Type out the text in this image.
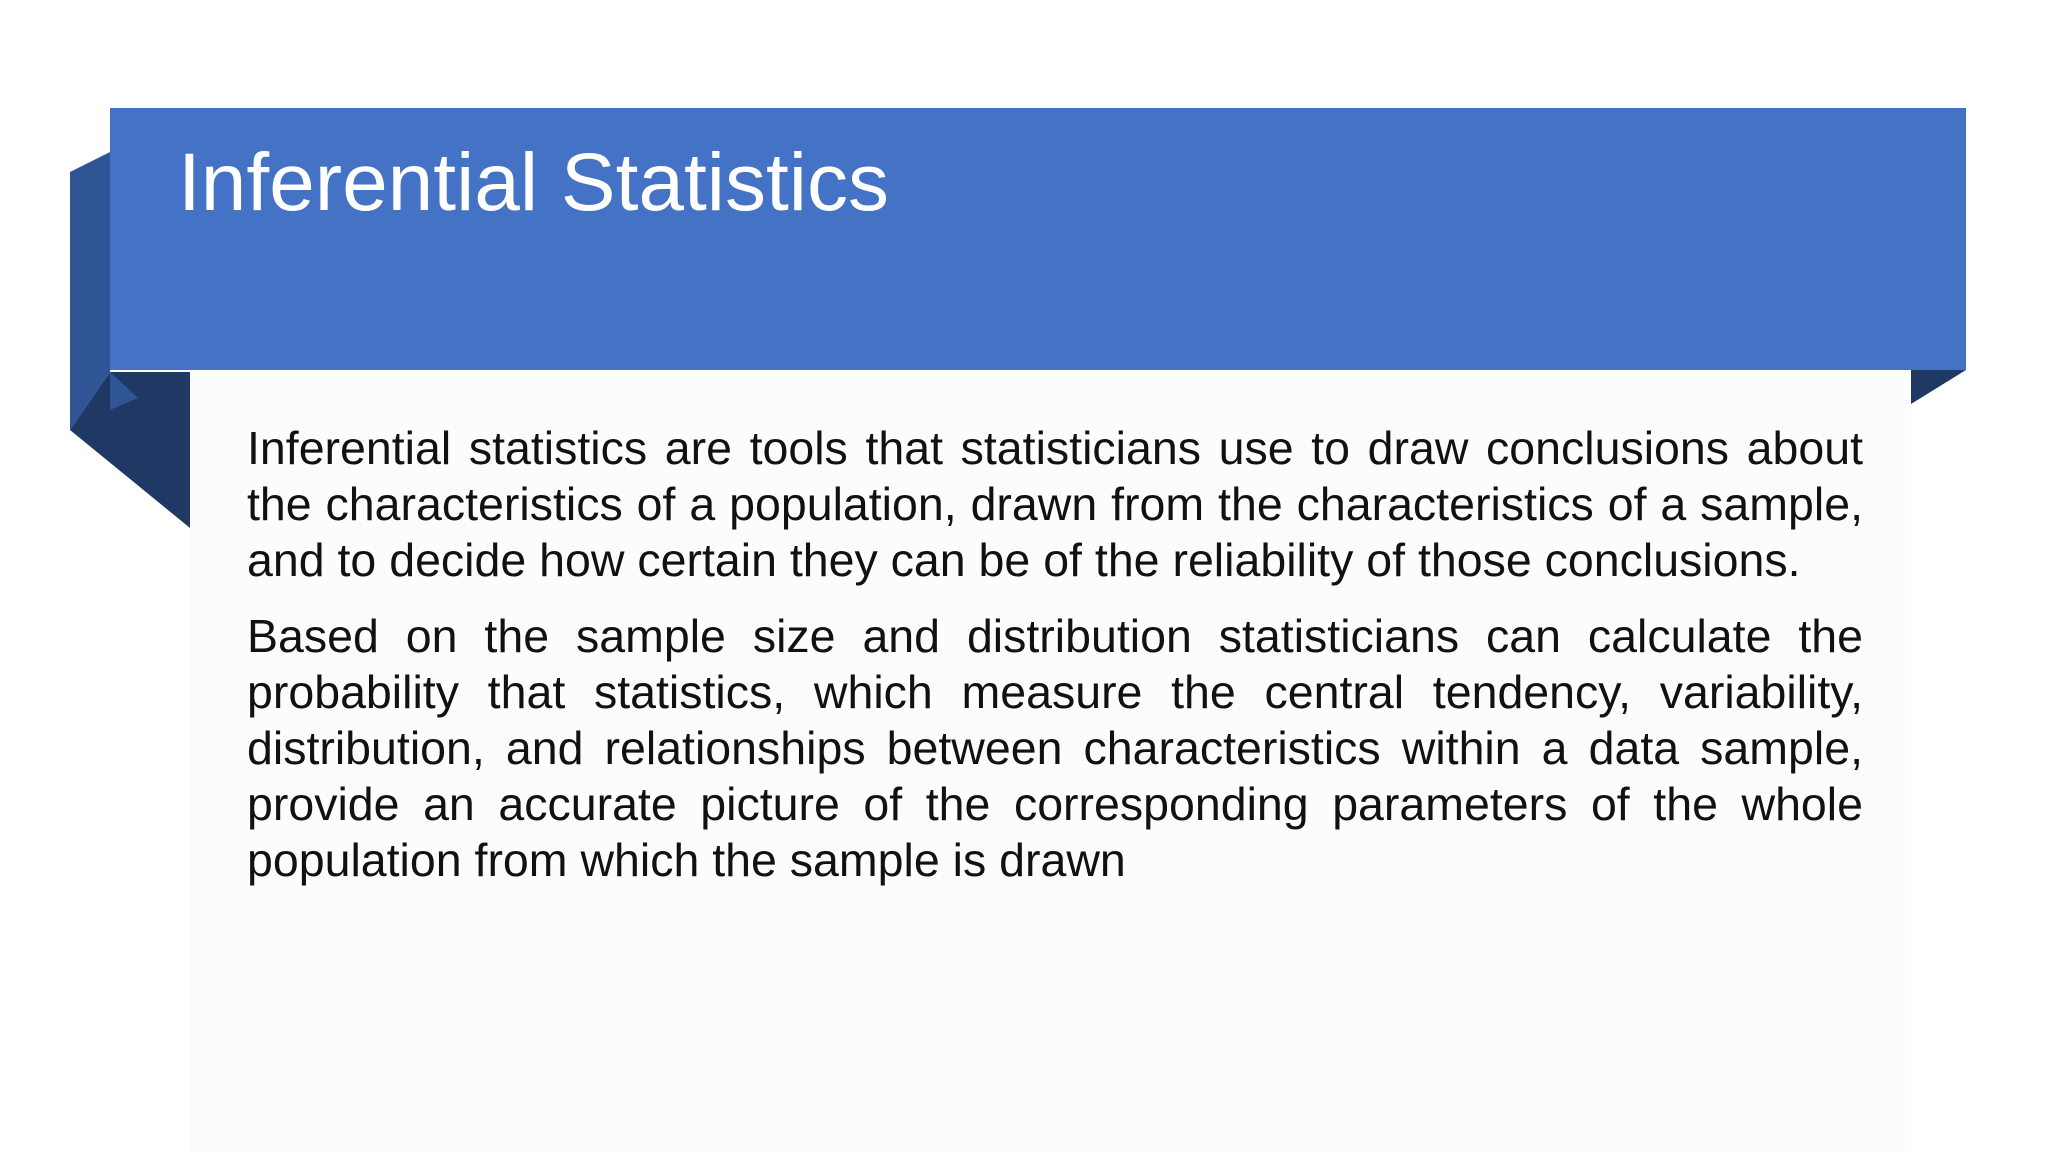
Inferential Statistics

Inferential statistics are tools that statisticians use to draw conclusions about the characteristics of a population, drawn from the characteristics of a sample, and to decide how certain they can be of the reliability of those conclusions.

Based on the sample size and distribution statisticians can calculate the probability that statistics, which measure the central tendency, variability, distribution, and relationships between characteristics within a data sample, provide an accurate picture of the corresponding parameters of the whole population from which the sample is drawn
